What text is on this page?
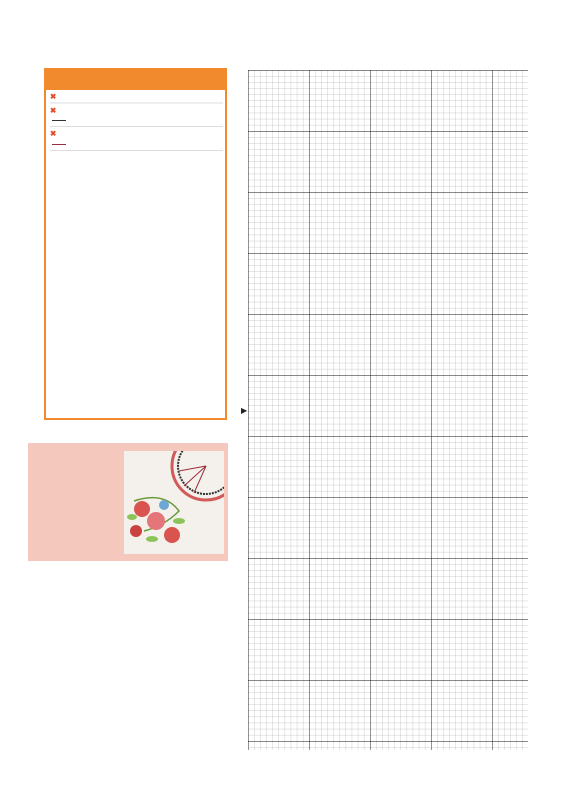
✖

✖

✖

▶
